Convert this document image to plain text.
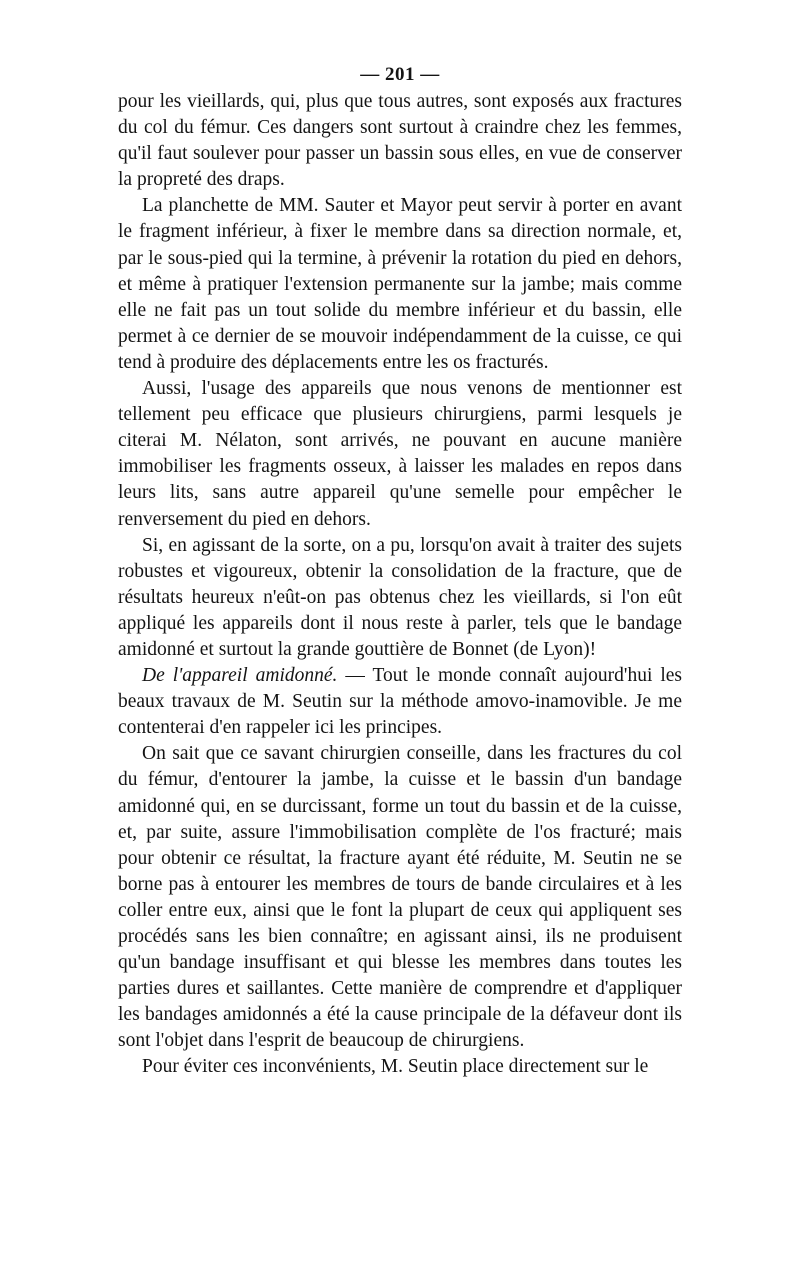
— 201 —

pour les vieillards, qui, plus que tous autres, sont exposés aux fractures du col du fémur. Ces dangers sont surtout à craindre chez les femmes, qu'il faut soulever pour passer un bassin sous elles, en vue de conserver la propreté des draps.

La planchette de MM. Sauter et Mayor peut servir à porter en avant le fragment inférieur, à fixer le membre dans sa direction normale, et, par le sous-pied qui la termine, à prévenir la rotation du pied en dehors, et même à pratiquer l'extension permanente sur la jambe; mais comme elle ne fait pas un tout solide du membre inférieur et du bassin, elle permet à ce dernier de se mouvoir indépendamment de la cuisse, ce qui tend à produire des déplacements entre les os fracturés.

Aussi, l'usage des appareils que nous venons de mentionner est tellement peu efficace que plusieurs chirurgiens, parmi lesquels je citerai M. Nélaton, sont arrivés, ne pouvant en aucune manière immobiliser les fragments osseux, à laisser les malades en repos dans leurs lits, sans autre appareil qu'une semelle pour empêcher le renversement du pied en dehors.

Si, en agissant de la sorte, on a pu, lorsqu'on avait à traiter des sujets robustes et vigoureux, obtenir la consolidation de la fracture, que de résultats heureux n'eût-on pas obtenus chez les vieillards, si l'on eût appliqué les appareils dont il nous reste à parler, tels que le bandage amidonné et surtout la grande gouttière de Bonnet (de Lyon)!

De l'appareil amidonné. — Tout le monde connaît aujourd'hui les beaux travaux de M. Seutin sur la méthode amovo-inamovible. Je me contenterai d'en rappeler ici les principes.

On sait que ce savant chirurgien conseille, dans les fractures du col du fémur, d'entourer la jambe, la cuisse et le bassin d'un bandage amidonné qui, en se durcissant, forme un tout du bassin et de la cuisse, et, par suite, assure l'immobilisation complète de l'os fracturé; mais pour obtenir ce résultat, la fracture ayant été réduite, M. Seutin ne se borne pas à entourer les membres de tours de bande circulaires et à les coller entre eux, ainsi que le font la plupart de ceux qui appliquent ses procédés sans les bien connaître; en agissant ainsi, ils ne produisent qu'un bandage insuffisant et qui blesse les membres dans toutes les parties dures et saillantes. Cette manière de comprendre et d'appliquer les bandages amidonnés a été la cause principale de la défaveur dont ils sont l'objet dans l'esprit de beaucoup de chirurgiens.

Pour éviter ces inconvénients, M. Seutin place directement sur le
